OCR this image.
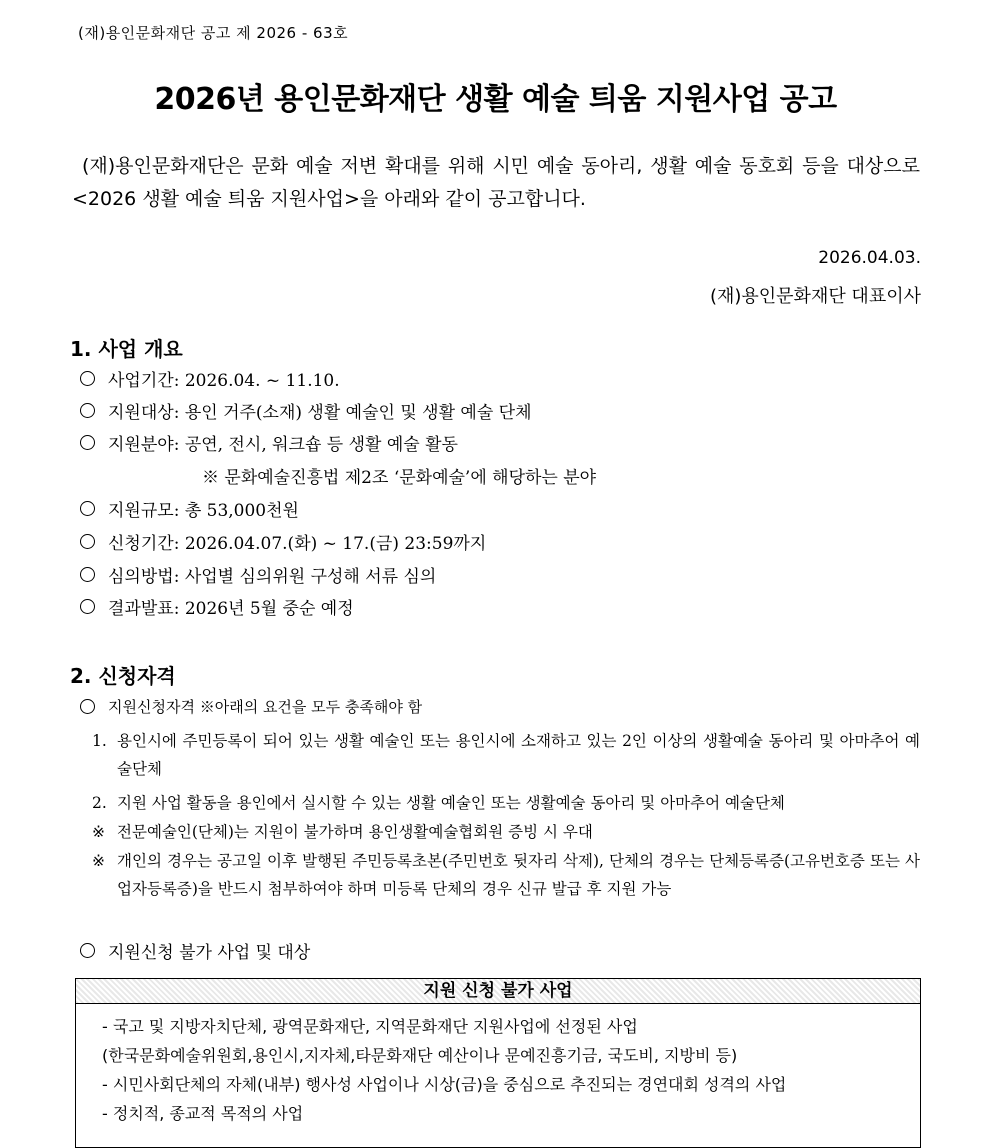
(재)용인문화재단 공고 제 2026 - 63호
2026년 용인문화재단 생활 예술 틔움 지원사업 공고
(재)용인문화재단은 문화 예술 저변 확대를 위해 시민 예술 동아리, 생활 예술 동호회 등을 대상으로 <2026 생활 예술 틔움 지원사업>을 아래와 같이 공고합니다.
2026.04.03.
(재)용인문화재단 대표이사
1. 사업 개요
사업기간: 2026.04. ~ 11.10.
지원대상: 용인 거주(소재) 생활 예술인 및 생활 예술 단체
지원분야: 공연, 전시, 워크숍 등 생활 예술 활동
※ 문화예술진흥법 제2조 ‘문화예술’에 해당하는 분야
지원규모: 총 53,000천원
신청기간: 2026.04.07.(화) ~ 17.(금) 23:59까지
심의방법: 사업별 심의위원 구성해 서류 심의
결과발표: 2026년 5월 중순 예정
2. 신청자격
지원신청자격 ※아래의 요건을 모두 충족해야 함
1. 용인시에 주민등록이 되어 있는 생활 예술인 또는 용인시에 소재하고 있는 2인 이상의 생활예술 동아리 및 아마추어 예술단체
2. 지원 사업 활동을 용인에서 실시할 수 있는 생활 예술인 또는 생활예술 동아리 및 아마추어 예술단체
※ 전문예술인(단체)는 지원이 불가하며 용인생활예술협회원 증빙 시 우대
※ 개인의 경우는 공고일 이후 발행된 주민등록초본(주민번호 뒷자리 삭제), 단체의 경우는 단체등록증(고유번호증 또는 사업자등록증)을 반드시 첨부하여야 하며 미등록 단체의 경우 신규 발급 후 지원 가능
지원신청 불가 사업 및 대상
지원 신청 불가 사업
- 국고 및 지방자치단체, 광역문화재단, 지역문화재단 지원사업에 선정된 사업
(한국문화예술위원회,용인시,지자체,타문화재단 예산이나 문예진흥기금, 국도비, 지방비 등)
- 시민사회단체의 자체(내부) 행사성 사업이나 시상(금)을 중심으로 추진되는 경연대회 성격의 사업
- 정치적, 종교적 목적의 사업
